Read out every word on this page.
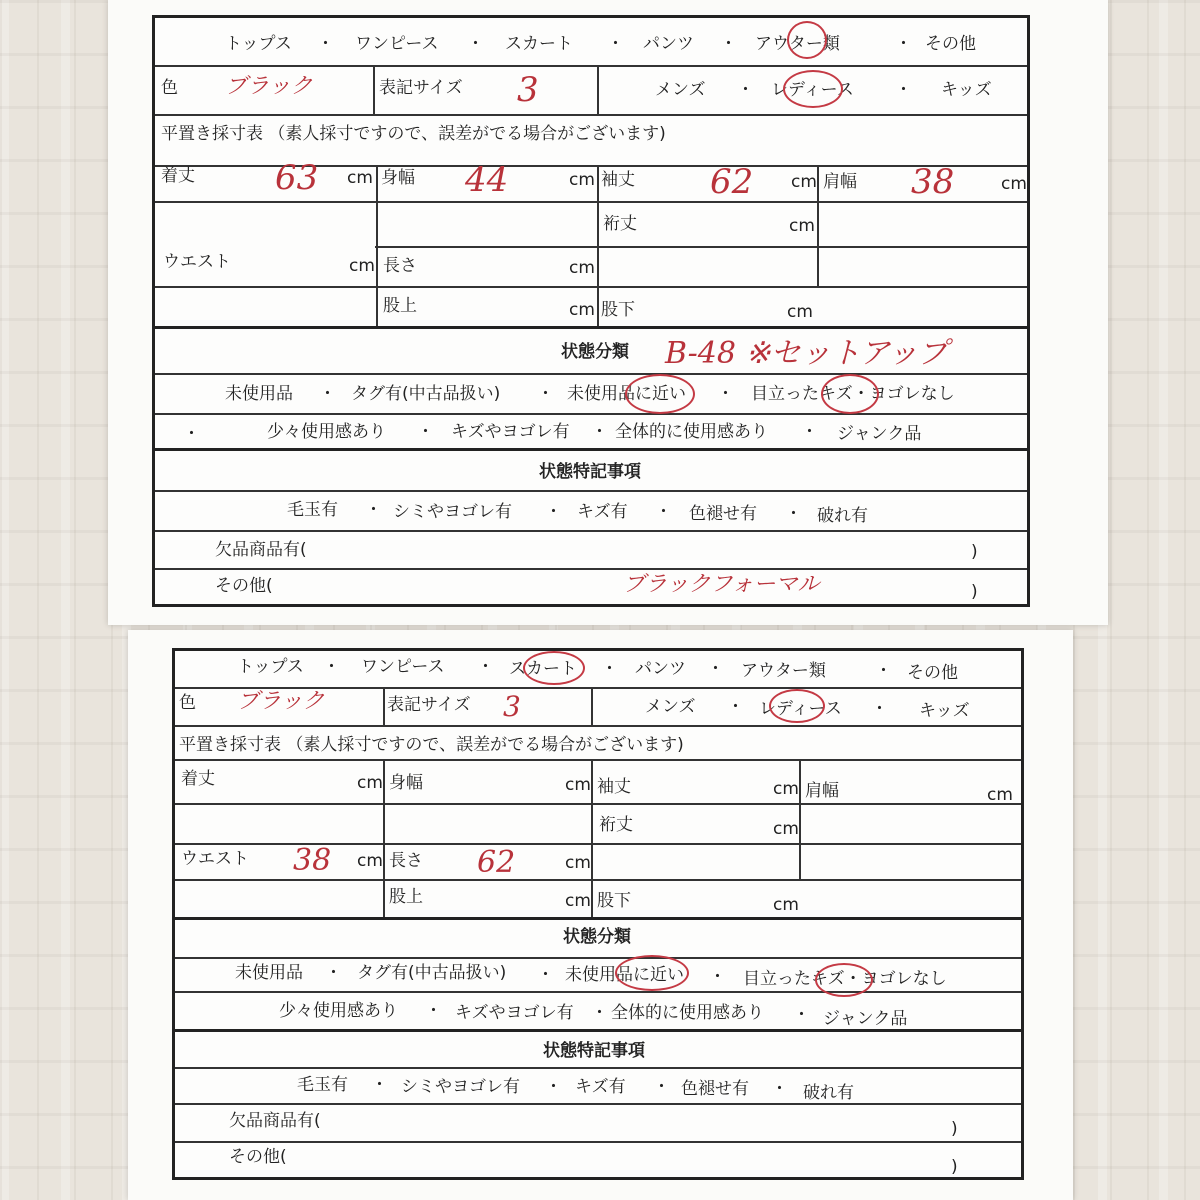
トップス ・ ワンピース ・ スカート ・ パンツ ・ アウター類	・ その他
色 ブラック	表記サイズ 3	メンズ ・ レディース ・ キッズ
平置き採寸表 （素人採寸ですので、誤差がでる場合がございます)
着丈 63 cm 身幅 44	cm 袖丈 62 cm 肩幅 38	cm
裄丈	cm
ウエスト	cm 長さ	cm
股上	cm 股下	cm
状態分類 B-48 ※セットアップ
未使用品 ・ タグ有(中古品扱い) ・ 未使用品に近い ・ 目立ったキズ・ヨゴレなし
・	少々使用感あり ・ キズやヨゴレ有 ・ 全体的に使用感あり ・ ジャンク品
状態特記事項
毛玉有 ・ シミやヨゴレ有 ・ キズ有 ・ 色褪せ有 ・ 破れ有
欠品商品有(	)
その他(	ブラックフォーマル	)
トップス ・ ワンピース ・ スカート ・ パンツ ・ アウター類	・ その他
色 ブラック	表記サイズ 3	メンズ ・ レディース ・ キッズ
平置き採寸表 （素人採寸ですので、誤差がでる場合がございます)
着丈	cm 身幅	cm 袖丈	cm 肩幅	cm
裄丈	cm
ウエスト 38 cm 長さ 62	cm
股上	cm 股下	cm
状態分類
未使用品 ・ タグ有(中古品扱い) ・ 未使用品に近い ・ 目立ったキズ・ヨゴレなし
少々使用感あり ・ キズやヨゴレ有 ・ 全体的に使用感あり ・ ジャンク品
状態特記事項
毛玉有 ・ シミやヨゴレ有 ・ キズ有 ・ 色褪せ有 ・ 破れ有
欠品商品有(	)
その他(	)
